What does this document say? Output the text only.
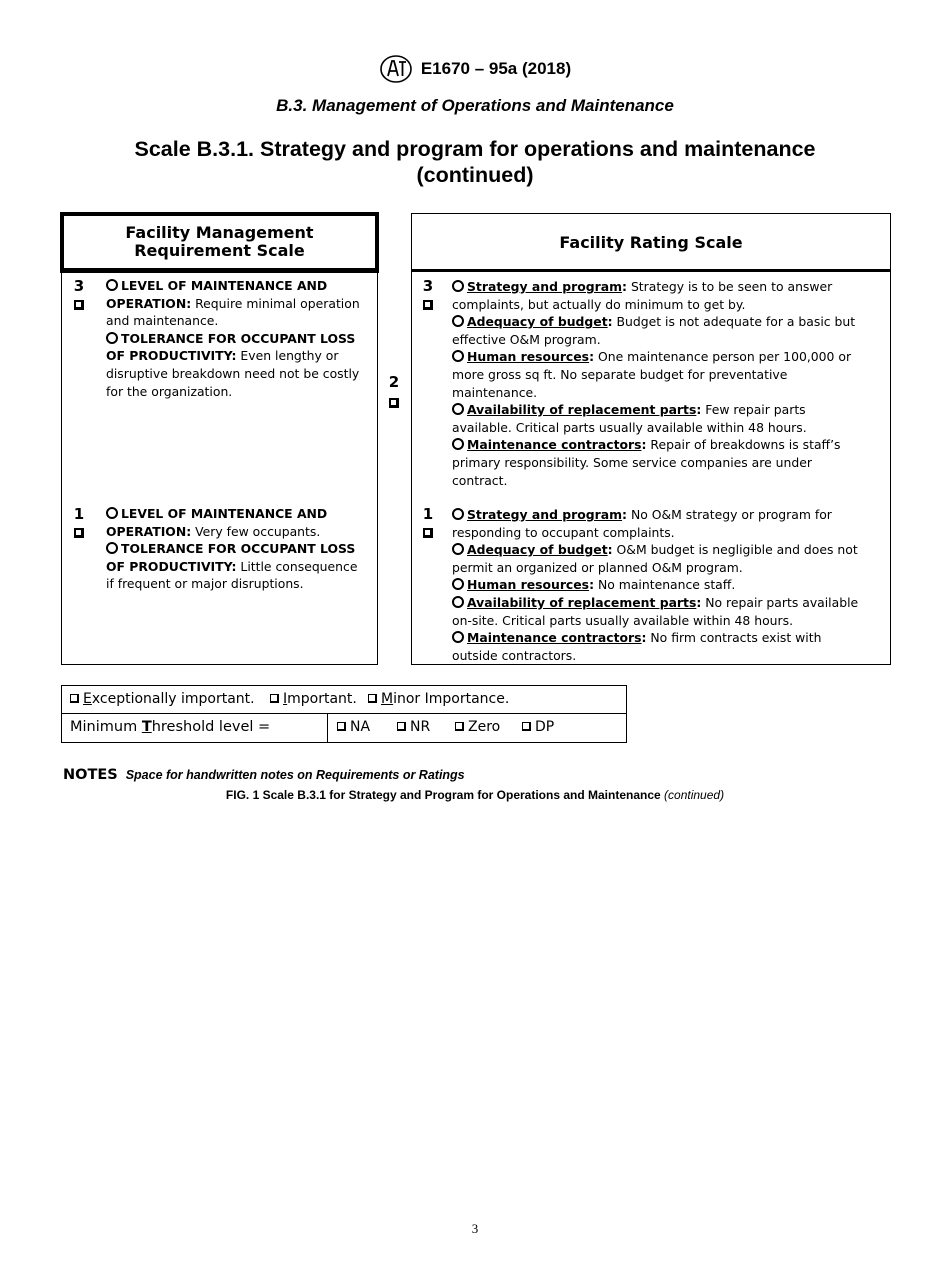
E1670 – 95a (2018)
B.3. Management of Operations and Maintenance
Scale B.3.1. Strategy and program for operations and maintenance
(continued)
Facility Management Requirement Scale
3	LEVEL OF MAINTENANCE AND OPERATION: Require minimal operation and maintenance.
TOLERANCE FOR OCCUPANT LOSS OF PRODUCTIVITY: Even lengthy or disruptive breakdown need not be costly for the organization.
1	LEVEL OF MAINTENANCE AND OPERATION: Very few occupants.
TOLERANCE FOR OCCUPANT LOSS OF PRODUCTIVITY: Little consequence if frequent or major disruptions.
2
Facility Rating Scale
3	Strategy and program: Strategy is to be seen to answer complaints, but actually do minimum to get by.
Adequacy of budget: Budget is not adequate for a basic but effective O&M program.
Human resources: One maintenance person per 100,000 or more gross sq ft. No separate budget for preventative maintenance.
Availability of replacement parts: Few repair parts available. Critical parts usually available within 48 hours.
Maintenance contractors: Repair of breakdowns is staff’s primary responsibility. Some service companies are under contract.
1	Strategy and program: No O&M strategy or program for responding to occupant complaints.
Adequacy of budget: O&M budget is negligible and does not permit an organized or planned O&M program.
Human resources: No maintenance staff.
Availability of replacement parts: No repair parts available on-site. Critical parts usually available within 48 hours.
Maintenance contractors: No firm contracts exist with outside contractors.
Exceptionally important.	Important.	Minor Importance.
Minimum Threshold level =	NA	NR	Zero	DP
NOTES Space for handwritten notes on Requirements or Ratings
FIG. 1 Scale B.3.1 for Strategy and Program for Operations and Maintenance (continued)
3
